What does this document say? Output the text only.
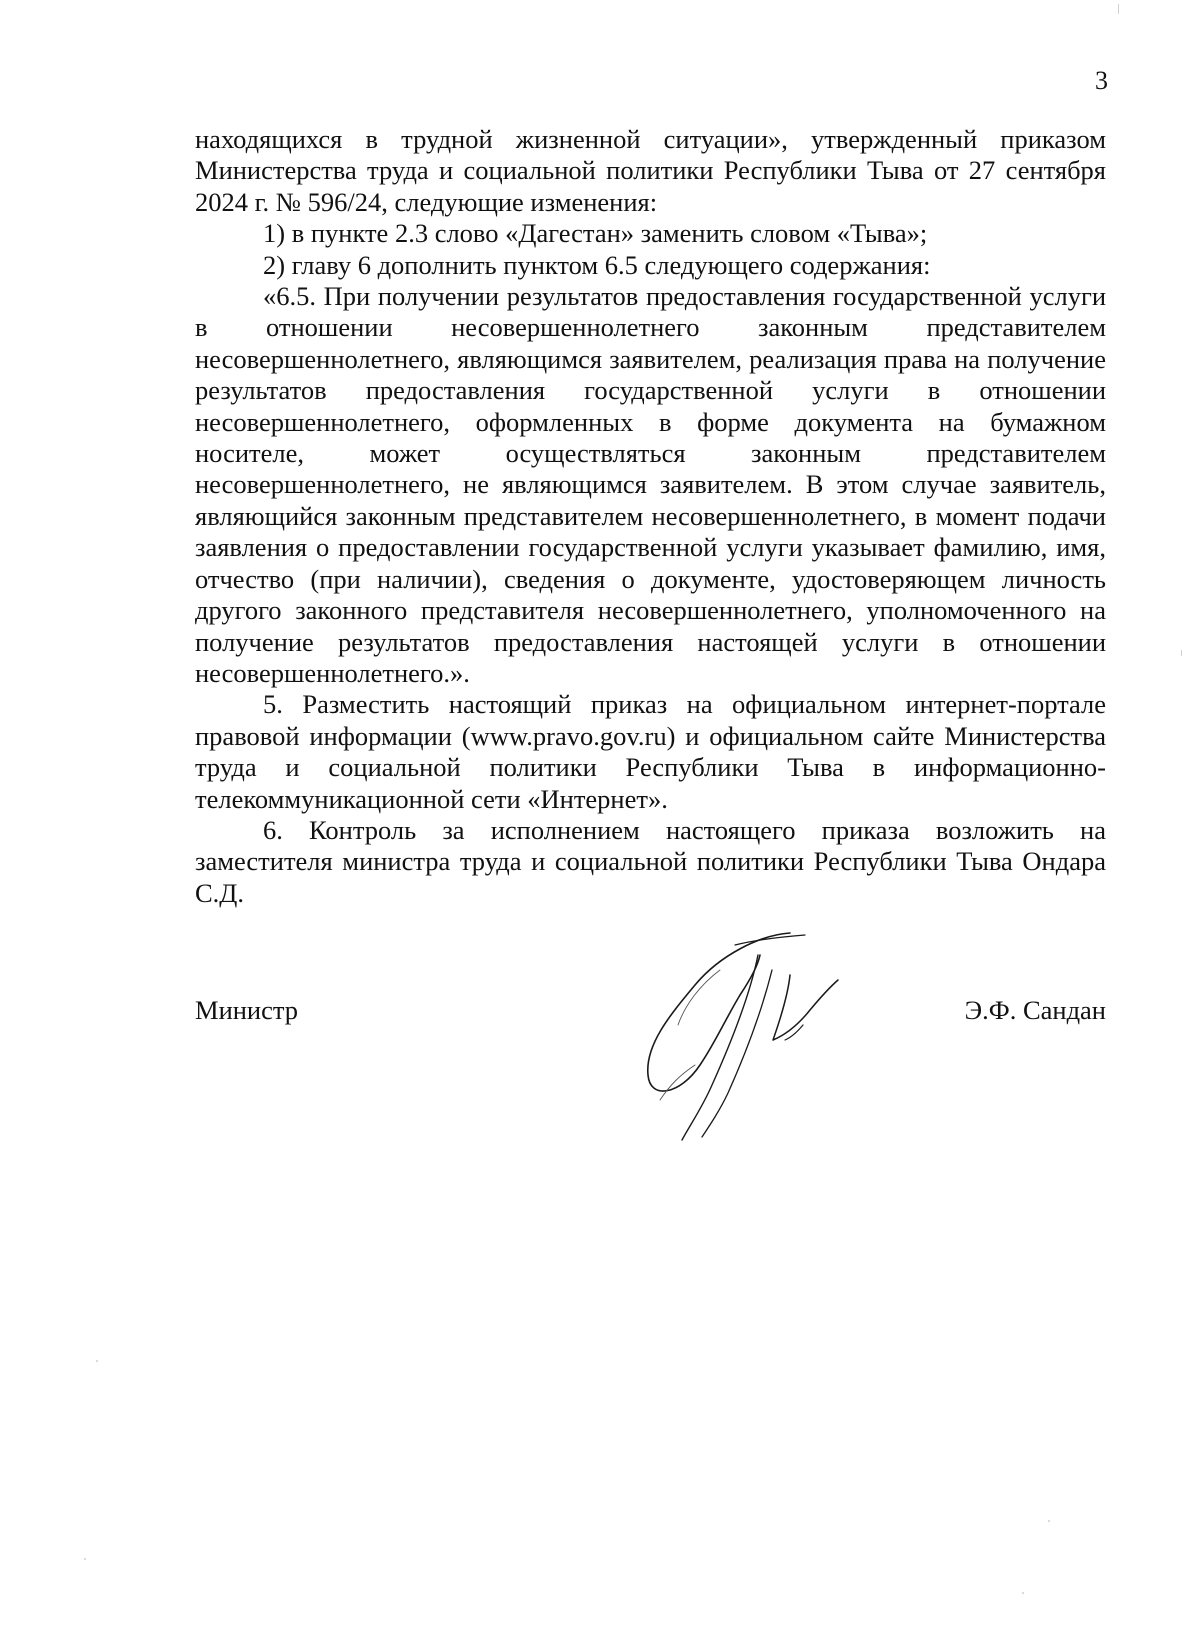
3

находящихся в трудной жизненной ситуации», утвержденный приказом Министерства труда и социальной политики Республики Тыва от 27 сентября 2024 г. № 596/24, следующие изменения:

1) в пункте 2.3 слово «Дагестан» заменить словом «Тыва»;

2) главу 6 дополнить пунктом 6.5 следующего содержания:

«6.5. При получении результатов предоставления государственной услуги в отношении несовершеннолетнего законным представителем несовершеннолетнего, являющимся заявителем, реализация права на получение результатов предоставления государственной услуги в отношении несовершеннолетнего, оформленных в форме документа на бумажном носителе, может осуществляться законным представителем несовершеннолетнего, не являющимся заявителем. В этом случае заявитель, являющийся законным представителем несовершеннолетнего, в момент подачи заявления о предоставлении государственной услуги указывает фамилию, имя, отчество (при наличии), сведения о документе, удостоверяющем личность другого законного представителя несовершеннолетнего, уполномоченного на получение результатов предоставления настоящей услуги в отношении несовершеннолетнего.».

5. Разместить настоящий приказ на официальном интернет-портале правовой информации (www.pravo.gov.ru) и официальном сайте Министерства труда и социальной политики Республики Тыва в информационно-телекоммуникационной сети «Интернет».

6. Контроль за исполнением настоящего приказа возложить на заместителя министра труда и социальной политики Республики Тыва Ондара С.Д.

Министр	Э.Ф. Сандан
